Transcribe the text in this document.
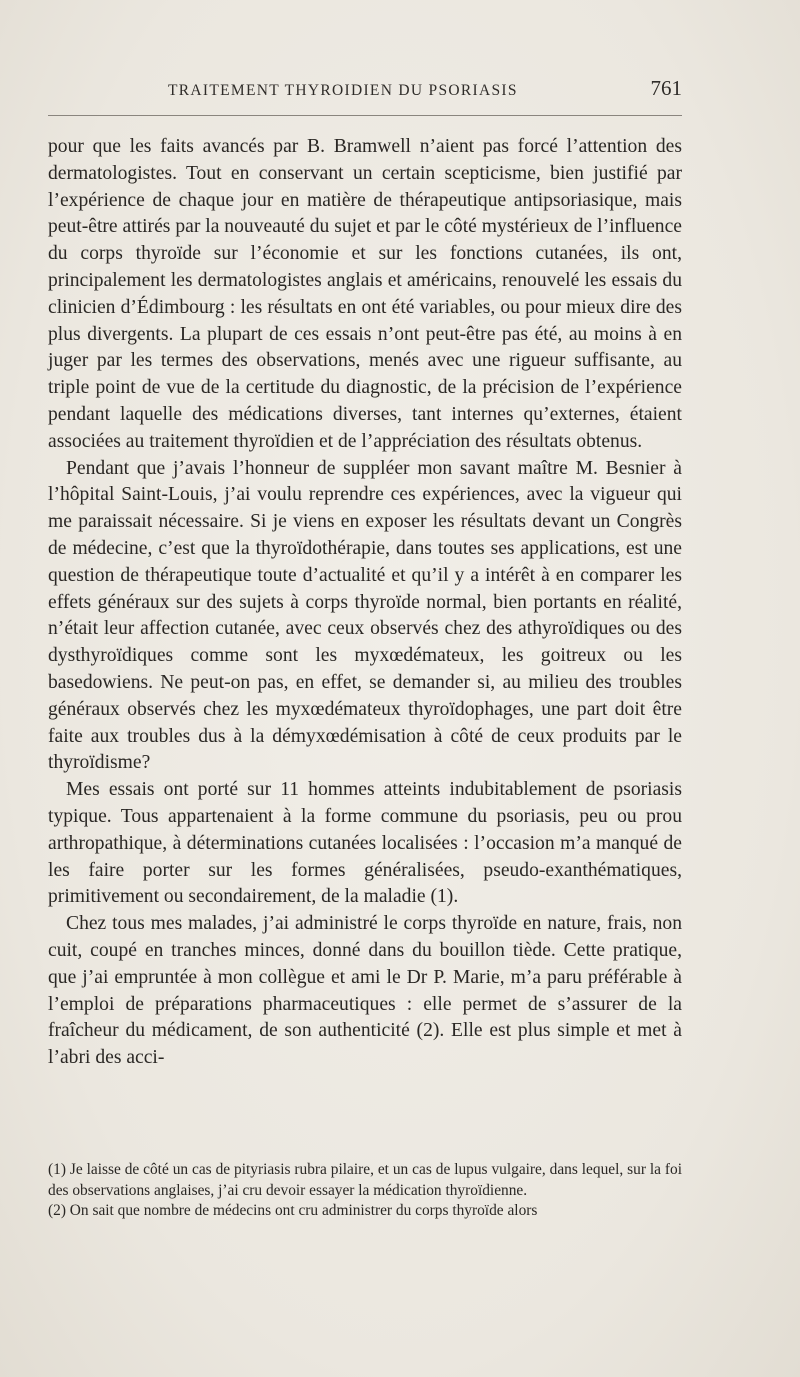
TRAITEMENT THYROIDIEN DU PSORIASIS	761

pour que les faits avancés par B. Bramwell n’aient pas forcé l’attention des dermatologistes. Tout en conservant un certain scepticisme, bien justifié par l’expérience de chaque jour en matière de thérapeutique antipsoriasique, mais peut-être attirés par la nouveauté du sujet et par le côté mystérieux de l’influence du corps thyroïde sur l’économie et sur les fonctions cutanées, ils ont, principalement les dermatologistes anglais et américains, renouvelé les essais du clinicien d’Édimbourg : les résultats en ont été variables, ou pour mieux dire des plus divergents. La plupart de ces essais n’ont peut-être pas été, au moins à en juger par les termes des observations, menés avec une rigueur suffisante, au triple point de vue de la certitude du diagnostic, de la précision de l’expérience pendant laquelle des médications diverses, tant internes qu’externes, étaient associées au traitement thyroïdien et de l’appréciation des résultats obtenus.

Pendant que j’avais l’honneur de suppléer mon savant maître M. Besnier à l’hôpital Saint-Louis, j’ai voulu reprendre ces expériences, avec la vigueur qui me paraissait nécessaire. Si je viens en exposer les résultats devant un Congrès de médecine, c’est que la thyroïdothérapie, dans toutes ses applications, est une question de thérapeutique toute d’actualité et qu’il y a intérêt à en comparer les effets généraux sur des sujets à corps thyroïde normal, bien portants en réalité, n’était leur affection cutanée, avec ceux observés chez des athyroïdiques ou des dysthyroïdiques comme sont les myxœdémateux, les goitreux ou les basedowiens. Ne peut-on pas, en effet, se demander si, au milieu des troubles généraux observés chez les myxœdémateux thyroïdophages, une part doit être faite aux troubles dus à la démyxœdémisation à côté de ceux produits par le thyroïdisme?

Mes essais ont porté sur 11 hommes atteints indubitablement de psoriasis typique. Tous appartenaient à la forme commune du psoriasis, peu ou prou arthropathique, à déterminations cutanées localisées : l’occasion m’a manqué de les faire porter sur les formes généralisées, pseudo-exanthématiques, primitivement ou secondairement, de la maladie (1).

Chez tous mes malades, j’ai administré le corps thyroïde en nature, frais, non cuit, coupé en tranches minces, donné dans du bouillon tiède. Cette pratique, que j’ai empruntée à mon collègue et ami le Dr P. Marie, m’a paru préférable à l’emploi de préparations pharmaceutiques : elle permet de s’assurer de la fraîcheur du médicament, de son authenticité (2). Elle est plus simple et met à l’abri des acci-

(1) Je laisse de côté un cas de pityriasis rubra pilaire, et un cas de lupus vulgaire, dans lequel, sur la foi des observations anglaises, j’ai cru devoir essayer la médication thyroïdienne.

(2) On sait que nombre de médecins ont cru administrer du corps thyroïde alors
